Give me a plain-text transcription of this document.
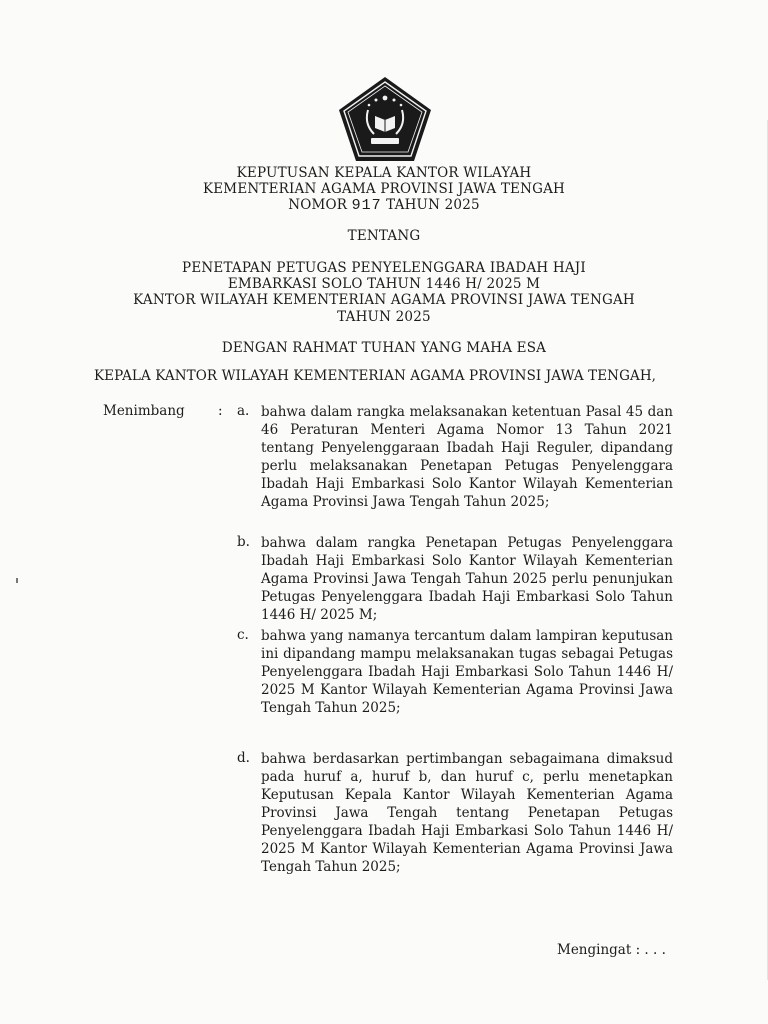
KEPUTUSAN KEPALA KANTOR WILAYAH
KEMENTERIAN AGAMA PROVINSI JAWA TENGAH
NOMOR 917 TAHUN 2025
TENTANG
PENETAPAN PETUGAS PENYELENGGARA IBADAH HAJI
EMBARKASI SOLO TAHUN 1446 H/ 2025 M
KANTOR WILAYAH KEMENTERIAN AGAMA PROVINSI JAWA TENGAH
TAHUN 2025
DENGAN RAHMAT TUHAN YANG MAHA ESA
KEPALA KANTOR WILAYAH KEMENTERIAN AGAMA PROVINSI JAWA TENGAH,
Menimbang : a. bahwa dalam rangka melaksanakan ketentuan Pasal 45 dan 46 Peraturan Menteri Agama Nomor 13 Tahun 2021 tentang Penyelenggaraan Ibadah Haji Reguler, dipandang perlu melaksanakan Penetapan Petugas Penyelenggara Ibadah Haji Embarkasi Solo Kantor Wilayah Kementerian Agama Provinsi Jawa Tengah Tahun 2025;
b. bahwa dalam rangka Penetapan Petugas Penyelenggara Ibadah Haji Embarkasi Solo Kantor Wilayah Kementerian Agama Provinsi Jawa Tengah Tahun 2025 perlu penunjukan Petugas Penyelenggara Ibadah Haji Embarkasi Solo Tahun 1446 H/ 2025 M;
c. bahwa yang namanya tercantum dalam lampiran keputusan ini dipandang mampu melaksanakan tugas sebagai Petugas Penyelenggara Ibadah Haji Embarkasi Solo Tahun 1446 H/ 2025 M Kantor Wilayah Kementerian Agama Provinsi Jawa Tengah Tahun 2025;
d. bahwa berdasarkan pertimbangan sebagaimana dimaksud pada huruf a, huruf b, dan huruf c, perlu menetapkan Keputusan Kepala Kantor Wilayah Kementerian Agama Provinsi Jawa Tengah tentang Penetapan Petugas Penyelenggara Ibadah Haji Embarkasi Solo Tahun 1446 H/ 2025 M Kantor Wilayah Kementerian Agama Provinsi Jawa Tengah Tahun 2025;
Mengingat : . . .
